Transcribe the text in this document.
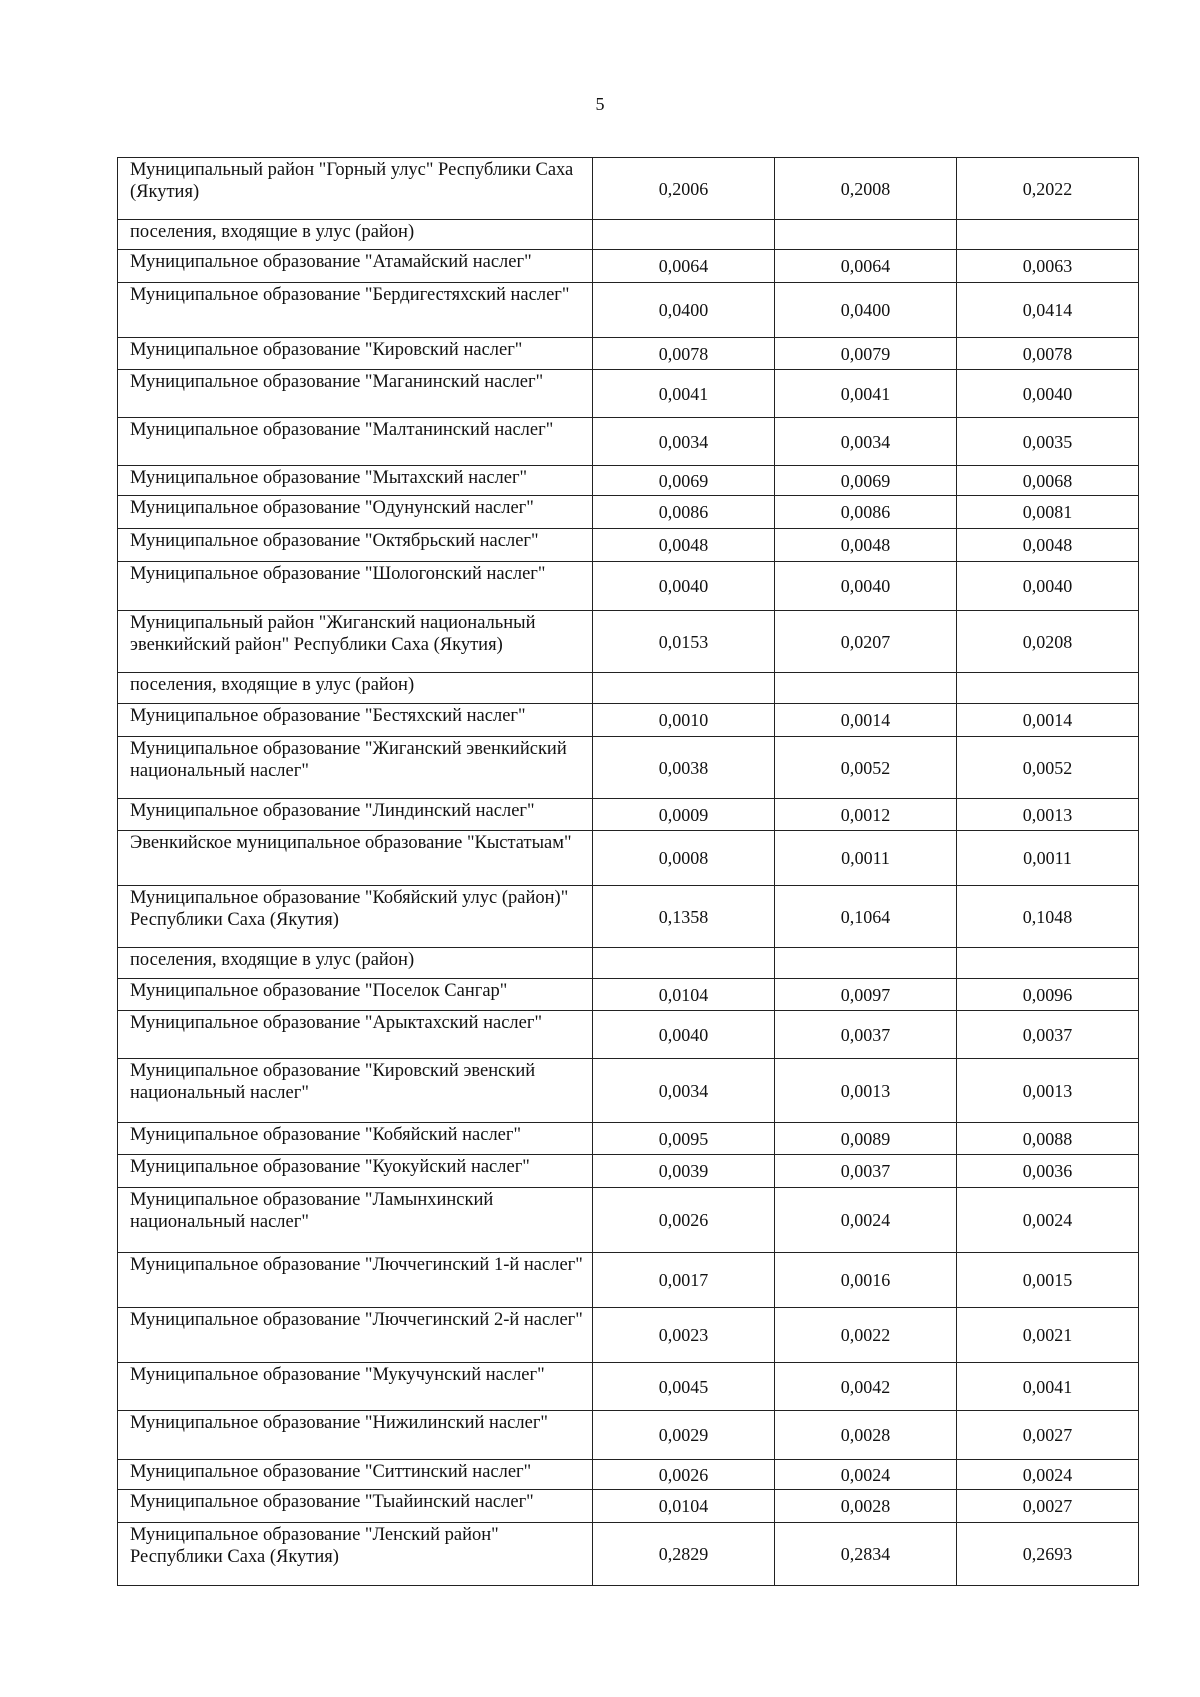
5
Муниципальный район "Горный улус" Республики Саха (Якутия)	0,2006	0,2008	0,2022
поселения, входящие в улус (район)			
Муниципальное образование "Атамайский наслег"	0,0064	0,0064	0,0063
Муниципальное образование "Бердигестяхский наслег"	0,0400	0,0400	0,0414
Муниципальное образование "Кировский наслег"	0,0078	0,0079	0,0078
Муниципальное образование "Маганинский наслег"	0,0041	0,0041	0,0040
Муниципальное образование "Малтанинский наслег"	0,0034	0,0034	0,0035
Муниципальное образование "Мытахский наслег"	0,0069	0,0069	0,0068
Муниципальное образование "Одунунский наслег"	0,0086	0,0086	0,0081
Муниципальное образование "Октябрьский наслег"	0,0048	0,0048	0,0048
Муниципальное образование "Шологонский наслег"	0,0040	0,0040	0,0040
Муниципальный район "Жиганский национальный эвенкийский район" Республики Саха (Якутия)	0,0153	0,0207	0,0208
поселения, входящие в улус (район)			
Муниципальное образование "Бестяхский наслег"	0,0010	0,0014	0,0014
Муниципальное образование "Жиганский эвенкийский национальный наслег"	0,0038	0,0052	0,0052
Муниципальное образование "Линдинский наслег"	0,0009	0,0012	0,0013
Эвенкийское муниципальное образование "Кыстатыам"	0,0008	0,0011	0,0011
Муниципальное образование "Кобяйский улус (район)" Республики Саха (Якутия)	0,1358	0,1064	0,1048
поселения, входящие в улус (район)			
Муниципальное образование "Поселок Сангар"	0,0104	0,0097	0,0096
Муниципальное образование "Арыктахский наслег"	0,0040	0,0037	0,0037
Муниципальное образование "Кировский эвенский национальный наслег"	0,0034	0,0013	0,0013
Муниципальное образование "Кобяйский наслег"	0,0095	0,0089	0,0088
Муниципальное образование "Куокуйский наслег"	0,0039	0,0037	0,0036
Муниципальное образование "Ламынхинский национальный наслег"	0,0026	0,0024	0,0024
Муниципальное образование "Люччегинский 1-й наслег"	0,0017	0,0016	0,0015
Муниципальное образование "Люччегинский 2-й наслег"	0,0023	0,0022	0,0021
Муниципальное образование "Мукучунский наслег"	0,0045	0,0042	0,0041
Муниципальное образование "Нижилинский наслег"	0,0029	0,0028	0,0027
Муниципальное образование "Ситтинский наслег"	0,0026	0,0024	0,0024
Муниципальное образование "Тыайинский наслег"	0,0104	0,0028	0,0027
Муниципальное образование "Ленский район" Республики Саха (Якутия)	0,2829	0,2834	0,2693
